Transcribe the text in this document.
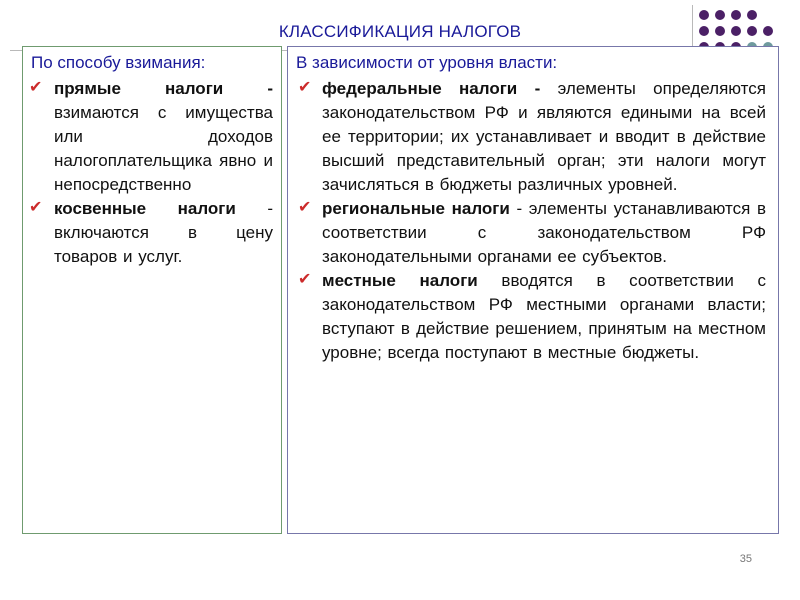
КЛАССИФИКАЦИЯ НАЛОГОВ
По способу взимания:
✔ прямые налоги - взимаются с имущества или доходов налогоплательщика явно и непосредственно
✔ косвенные налоги - включаются в цену товаров и услуг.
В зависимости от уровня власти:
✔ федеральные налоги - элементы определяются законодательством РФ и являются едиными на всей ее территории; их устанавливает и вводит в действие высший представительный орган; эти налоги могут зачисляться в бюджеты различных уровней.
✔ региональные налоги - элементы устанавливаются в соответствии с законодательством РФ законодательными органами ее субъектов.
✔ местные налоги вводятся в соответствии с законодательством РФ местными органами власти; вступают в действие решением, принятым на местном уровне; всегда поступают в местные бюджеты.
35
